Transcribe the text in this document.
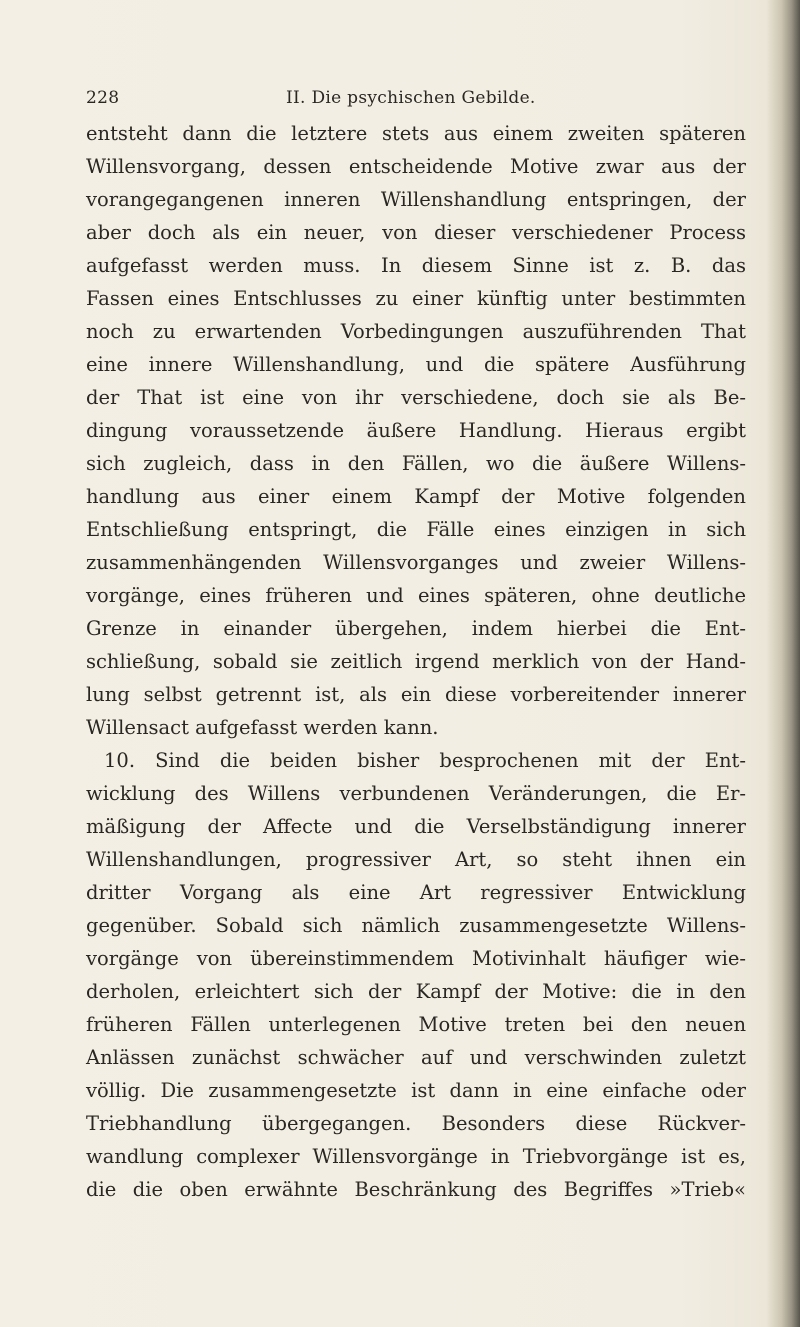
228	II. Die psychischen Gebilde.
entsteht dann die letztere stets aus einem zweiten späteren
Willensvorgang, dessen entscheidende Motive zwar aus der
vorangegangenen inneren Willenshandlung entspringen, der
aber doch als ein neuer, von dieser verschiedener Process
aufgefasst werden muss. In diesem Sinne ist z. B. das
Fassen eines Entschlusses zu einer künftig unter bestimmten
noch zu erwartenden Vorbedingungen auszuführenden That
eine innere Willenshandlung, und die spätere Ausführung
der That ist eine von ihr verschiedene, doch sie als Be-
dingung voraussetzende äußere Handlung. Hieraus ergibt
sich zugleich, dass in den Fällen, wo die äußere Willens-
handlung aus einer einem Kampf der Motive folgenden
Entschließung entspringt, die Fälle eines einzigen in sich
zusammenhängenden Willensvorganges und zweier Willens-
vorgänge, eines früheren und eines späteren, ohne deutliche
Grenze in einander übergehen, indem hierbei die Ent-
schließung, sobald sie zeitlich irgend merklich von der Hand-
lung selbst getrennt ist, als ein diese vorbereitender innerer
Willensact aufgefasst werden kann.
10. Sind die beiden bisher besprochenen mit der Ent-
wicklung des Willens verbundenen Veränderungen, die Er-
mäßigung der Affecte und die Verselbständigung innerer
Willenshandlungen, progressiver Art, so steht ihnen ein
dritter Vorgang als eine Art regressiver Entwicklung
gegenüber. Sobald sich nämlich zusammengesetzte Willens-
vorgänge von übereinstimmendem Motivinhalt häufiger wie-
derholen, erleichtert sich der Kampf der Motive: die in den
früheren Fällen unterlegenen Motive treten bei den neuen
Anlässen zunächst schwächer auf und verschwinden zuletzt
völlig. Die zusammengesetzte ist dann in eine einfache oder
Triebhandlung übergegangen. Besonders diese Rückver-
wandlung complexer Willensvorgänge in Triebvorgänge ist es,
die die oben erwähnte Beschränkung des Begriffes »Trieb«
